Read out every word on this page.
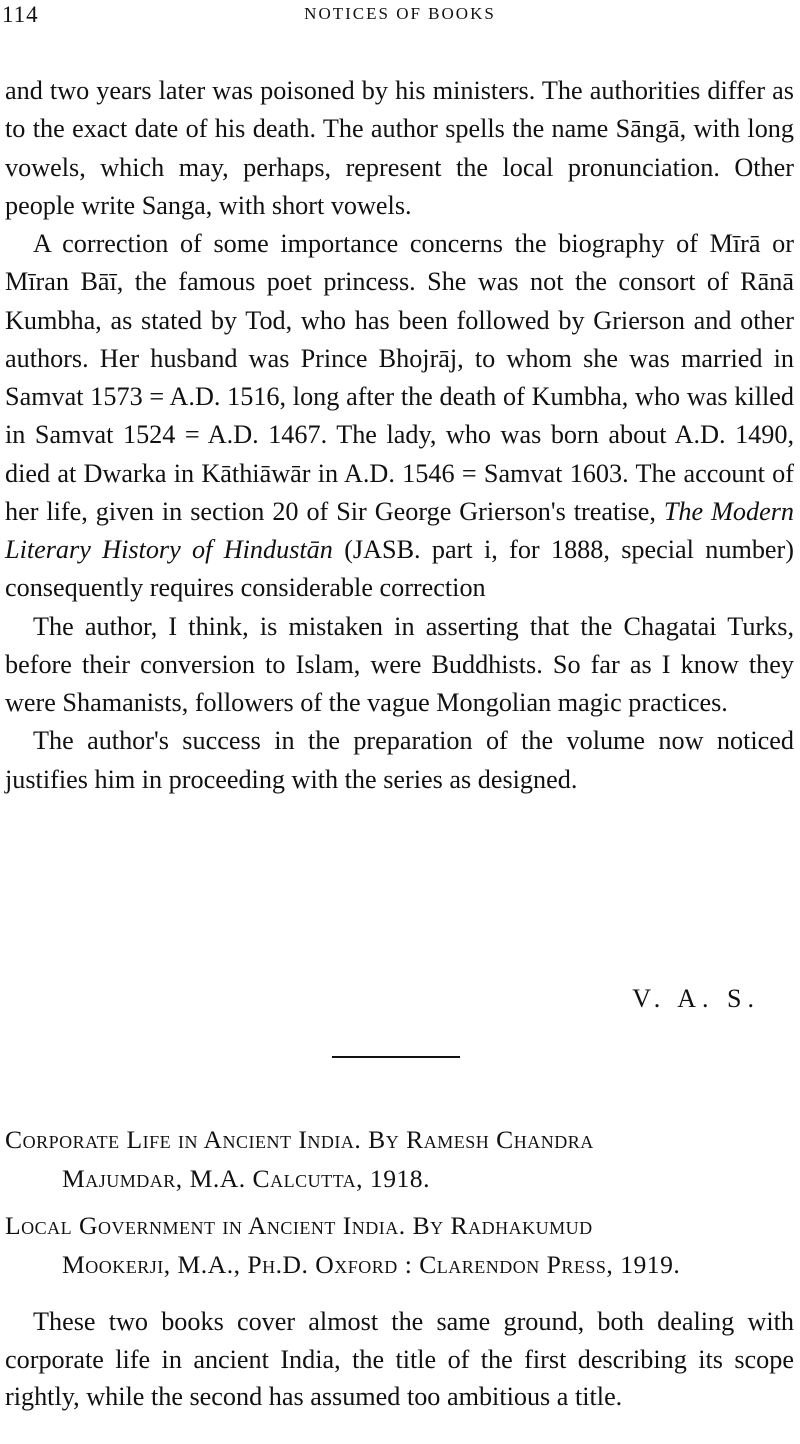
114	NOTICES OF BOOKS

and two years later was poisoned by his ministers. The authorities differ as to the exact date of his death. The author spells the name Sāngā, with long vowels, which may, perhaps, represent the local pronunciation. Other people write Sanga, with short vowels.

A correction of some importance concerns the biography of Mīrā or Mīran Bāī, the famous poet princess. She was not the consort of Rānā Kumbha, as stated by Tod, who has been followed by Grierson and other authors. Her husband was Prince Bhojrāj, to whom she was married in Samvat 1573 = A.D. 1516, long after the death of Kumbha, who was killed in Samvat 1524 = A.D. 1467. The lady, who was born about A.D. 1490, died at Dwarka in Kāthiāwār in A.D. 1546 = Samvat 1603. The account of her life, given in section 20 of Sir George Grierson's treatise, The Modern Literary History of Hindustān (JASB. part i, for 1888, special number) consequently requires considerable correction

The author, I think, is mistaken in asserting that the Chagatai Turks, before their conversion to Islam, were Buddhists. So far as I know they were Shamanists, followers of the vague Mongolian magic practices.

The author's success in the preparation of the volume now noticed justifies him in proceeding with the series as designed.

V. A. S.
Corporate Life in Ancient India. By Ramesh Chandra
Majumdar, M.A. Calcutta, 1918.
Local Government in Ancient India. By Radhakumud
Mookerji, M.A., Ph.D. Oxford : Clarendon Press, 1919.

These two books cover almost the same ground, both dealing with corporate life in ancient India, the title of the first describing its scope rightly, while the second has assumed too ambitious a title.
